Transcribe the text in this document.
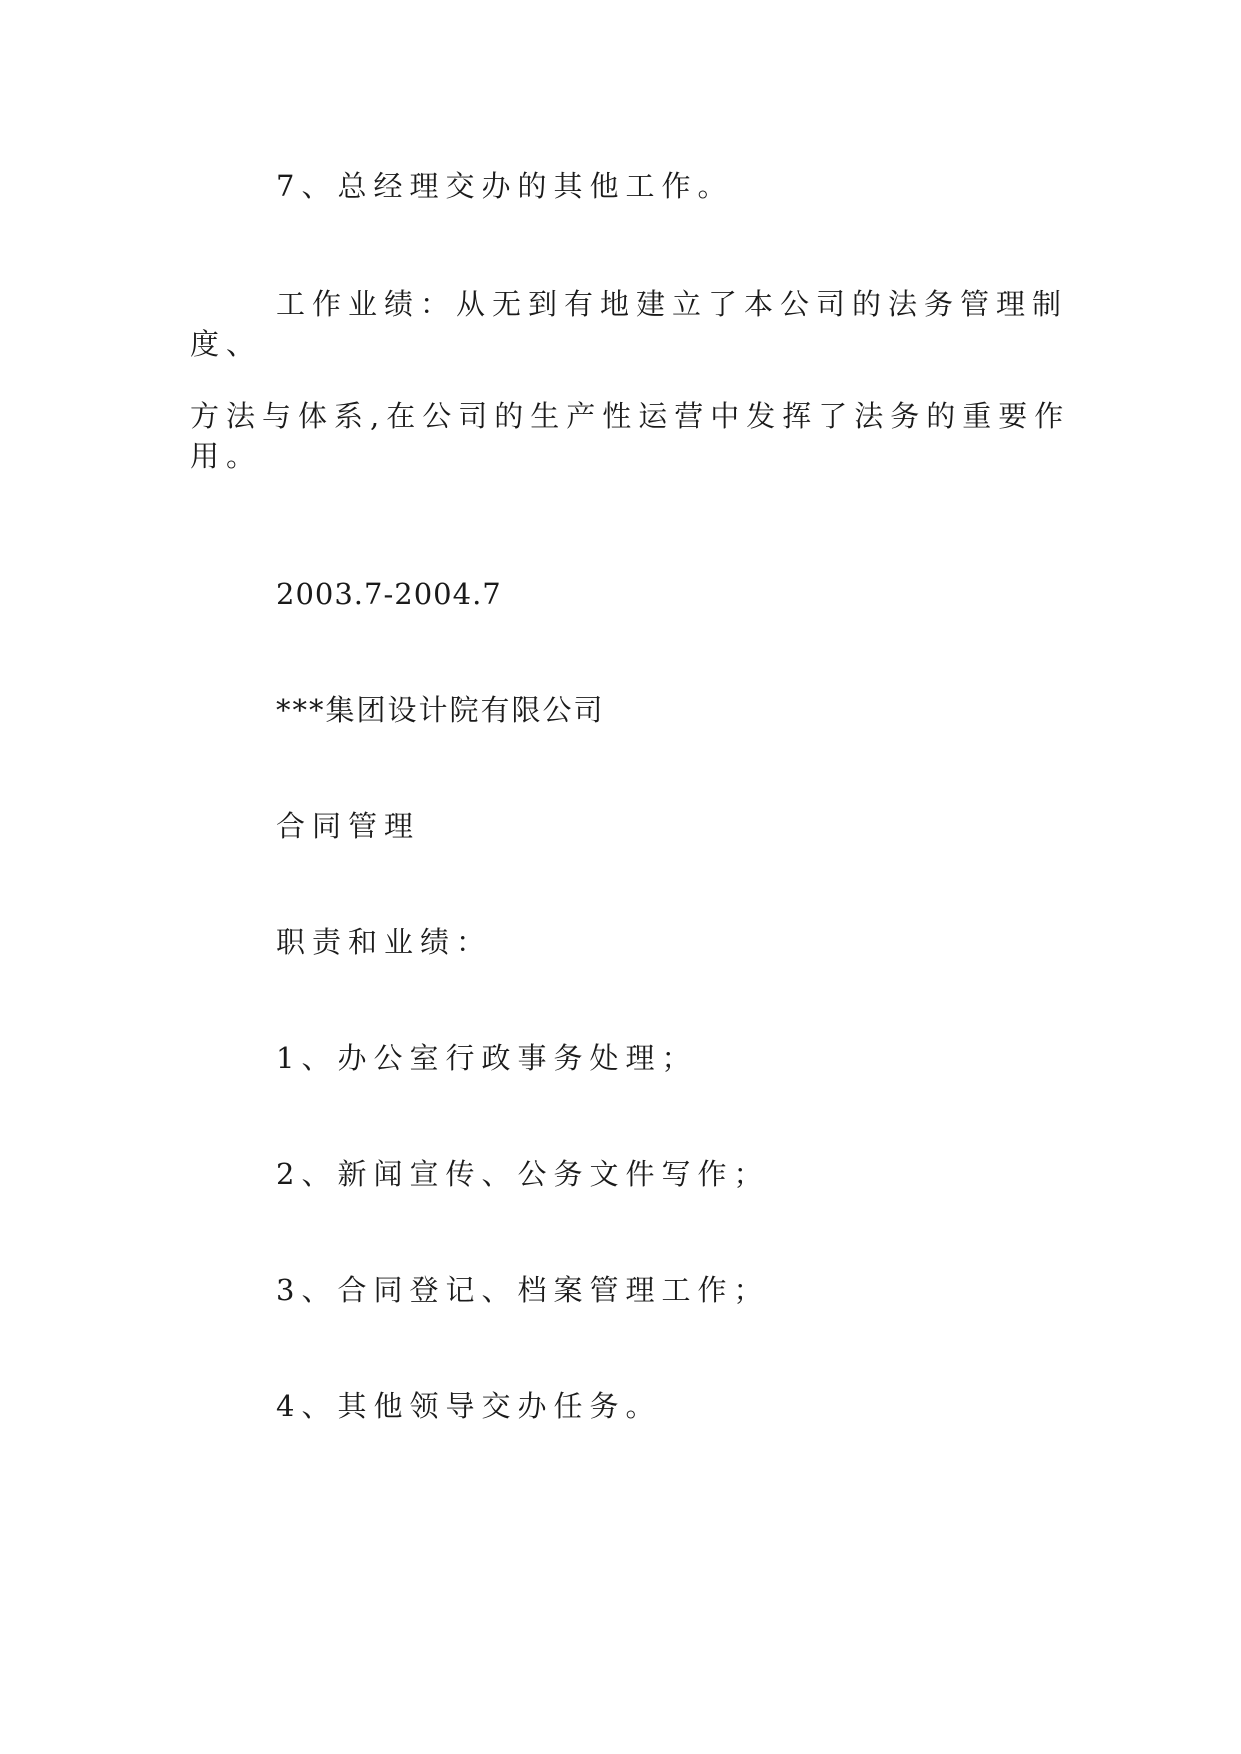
7、总经理交办的其他工作。
工作业绩：从无到有地建立了本公司的法务管理制度、
方法与体系,在公司的生产性运营中发挥了法务的重要作用。
2003.7-2004.7
***集团设计院有限公司
合同管理
职责和业绩：
1、办公室行政事务处理；
2、新闻宣传、公务文件写作；
3、合同登记、档案管理工作；
4、其他领导交办任务。
